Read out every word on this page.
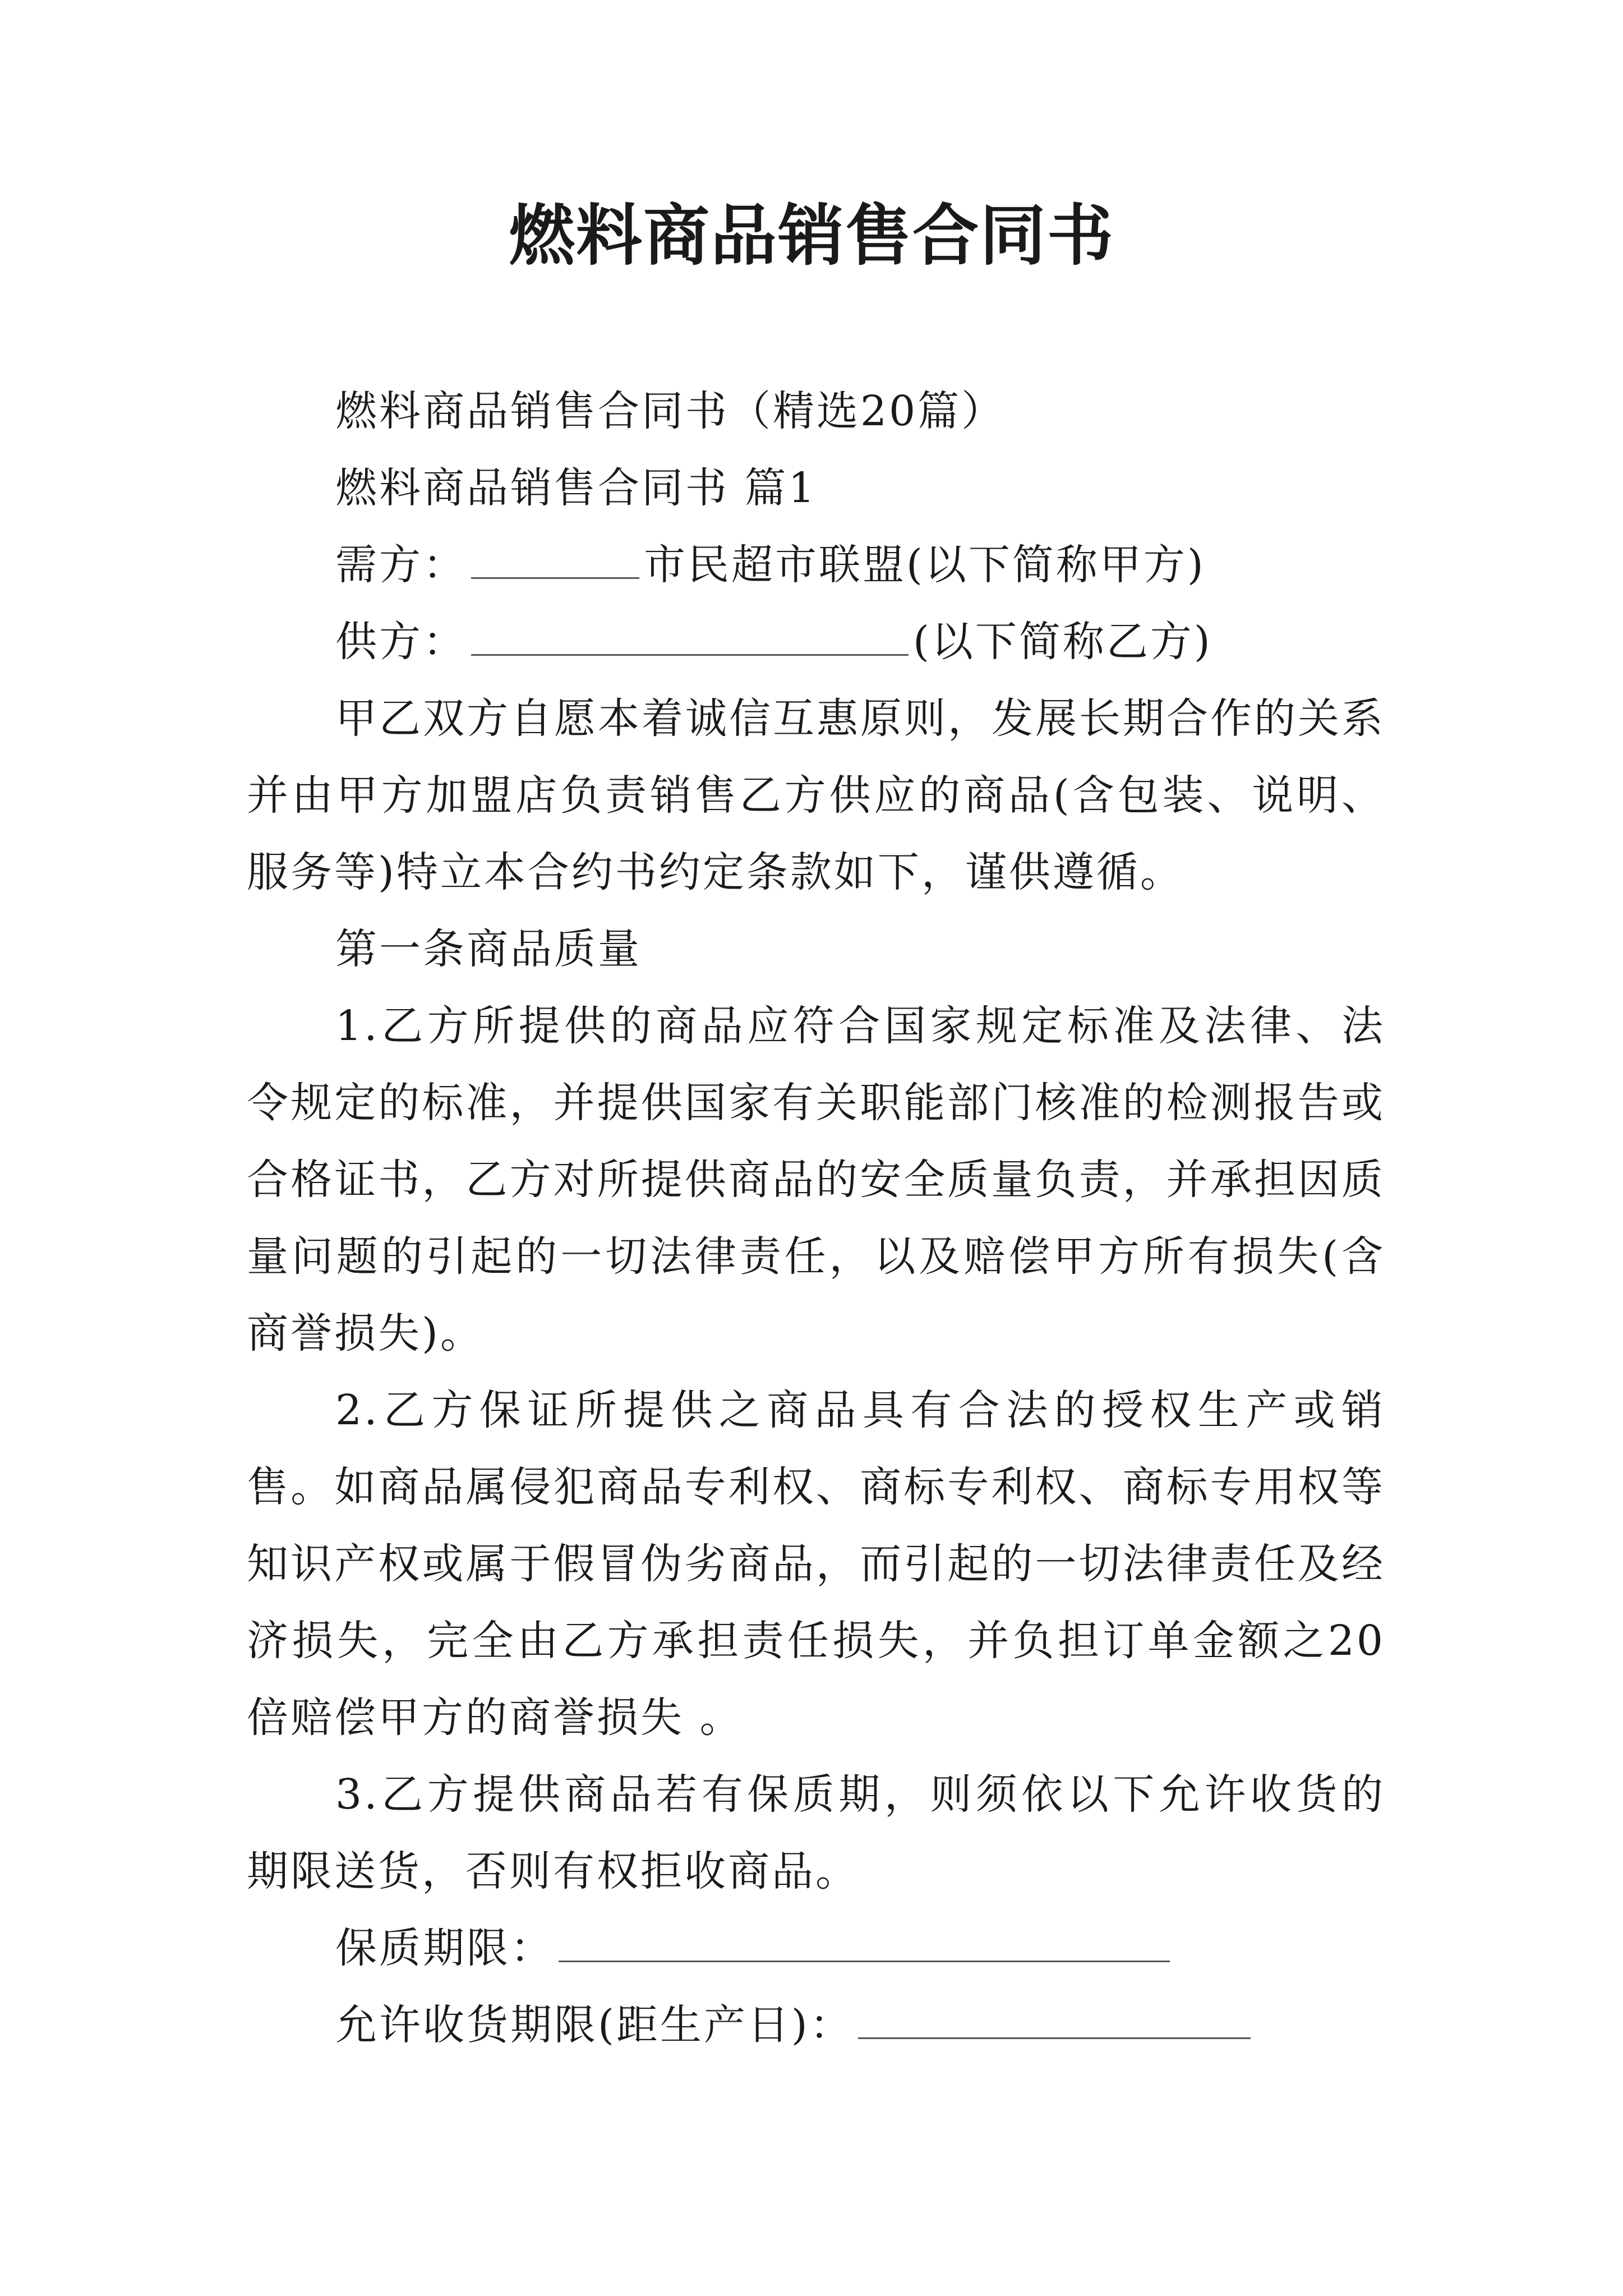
燃料商品销售合同书

燃料商品销售合同书（精选20篇）

燃料商品销售合同书 篇1

需方：	市民超市联盟(以下简称甲方)

供方：	(以下简称乙方)

甲乙双方自愿本着诚信互惠原则，发展长期合作的关系并由甲方加盟店负责销售乙方供应的商品(含包装、说明、服务等)特立本合约书约定条款如下，谨供遵循。

第一条商品质量

1.乙方所提供的商品应符合国家规定标准及法律、法令规定的标准，并提供国家有关职能部门核准的检测报告或合格证书，乙方对所提供商品的安全质量负责，并承担因质量问题的引起的一切法律责任，以及赔偿甲方所有损失(含商誉损失)。

2.乙方保证所提供之商品具有合法的授权生产或销售。如商品属侵犯商品专利权、商标专利权、商标专用权等知识产权或属于假冒伪劣商品，而引起的一切法律责任及经济损失，完全由乙方承担责任损失，并负担订单金额之20倍赔偿甲方的商誉损失 。

3.乙方提供商品若有保质期，则须依以下允许收货的期限送货，否则有权拒收商品。

保质期限：

允许收货期限(距生产日)：
